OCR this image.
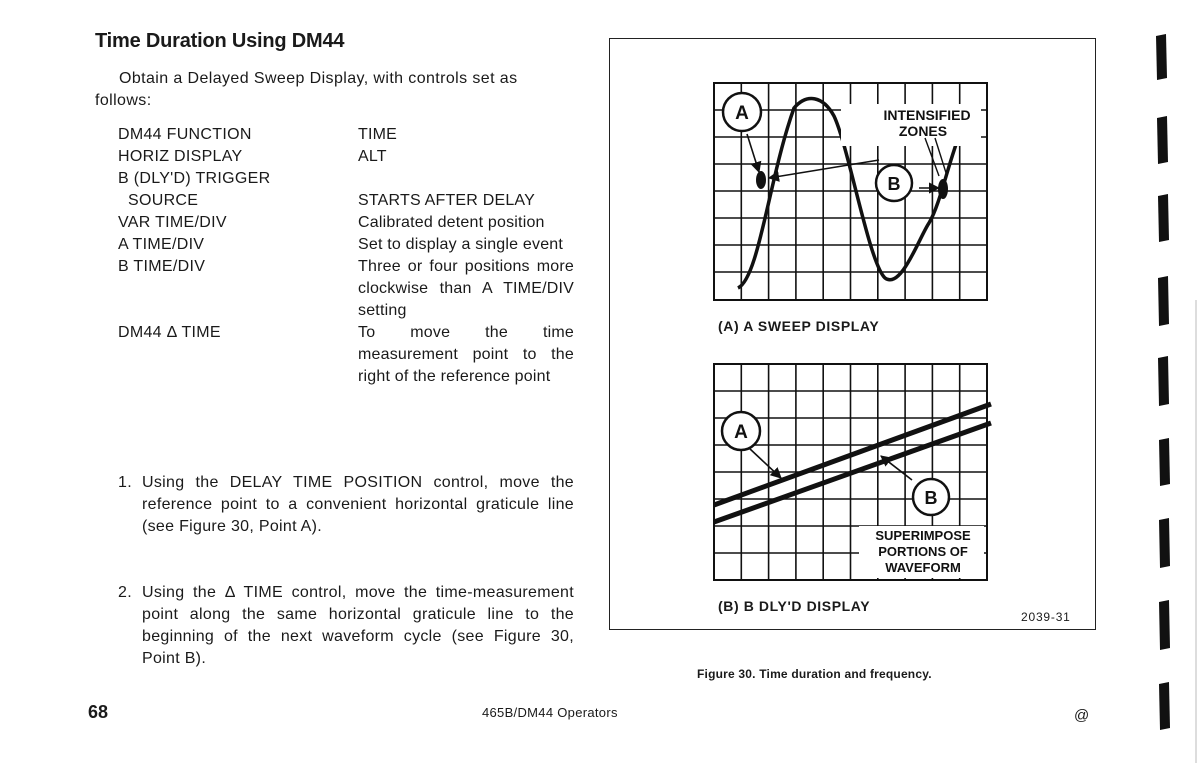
Time Duration Using DM44
Obtain a Delayed Sweep Display, with controls set as follows:
DM44 FUNCTION	TIME
HORIZ DISPLAY	ALT
B (DLY'D) TRIGGER
SOURCE	STARTS AFTER DELAY
VAR TIME/DIV	Calibrated detent position
A TIME/DIV	Set to display a single event
B TIME/DIV	Three or four positions more clockwise than A TIME/DIV setting
DM44 Δ TIME	To move the time measurement point to the right of the reference point
1. Using the DELAY TIME POSITION control, move the reference point to a convenient horizontal graticule line (see Figure 30, Point A).
2. Using the Δ TIME control, move the time-measurement point along the same horizontal graticule line to the beginning of the next waveform cycle (see Figure 30, Point B).
A
B
INTENSIFIED
ZONES
A
B
SUPERIMPOSE
PORTIONS OF
WAVEFORM
(A) A SWEEP DISPLAY
(B) B DLY'D DISPLAY
2039-31
Figure 30. Time duration and frequency.
68	465B/DM44 Operators	@
